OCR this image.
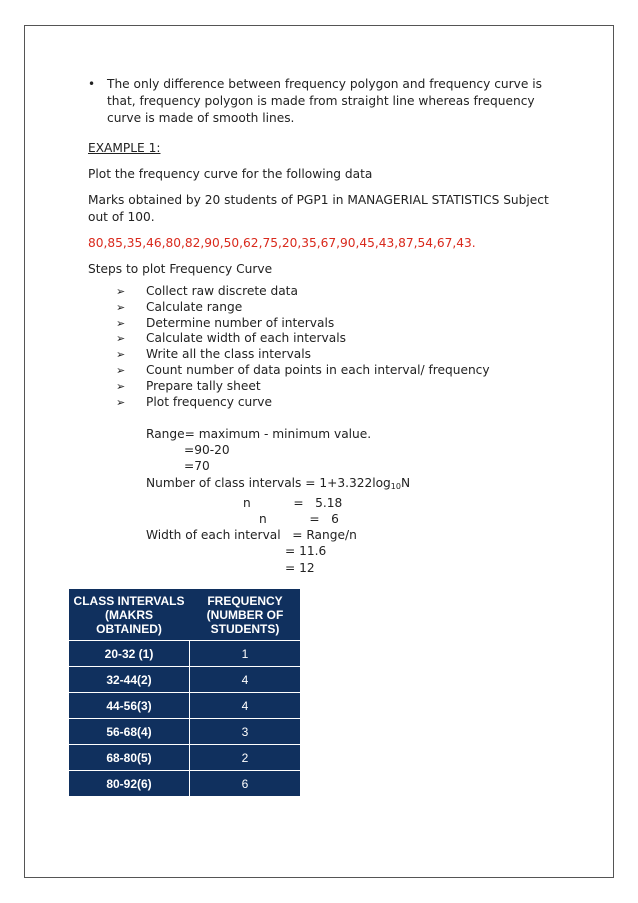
• The only difference between frequency polygon and frequency curve is that, frequency polygon is made from straight line whereas frequency curve is made of smooth lines.

EXAMPLE 1:

Plot the frequency curve for the following data

Marks obtained by 20 students of PGP1 in MANAGERIAL STATISTICS Subject out of 100.

80,85,35,46,80,82,90,50,62,75,20,35,67,90,45,43,87,54,67,43.

Steps to plot Frequency Curve

➢ Collect raw discrete data
➢ Calculate range
➢ Determine number of intervals
➢ Calculate width of each intervals
➢ Write all the class intervals
➢ Count number of data points in each interval/ frequency
➢ Prepare tally sheet
➢ Plot frequency curve
Range= maximum - minimum value.
=90-20
=70
Number of class intervals = $1+3.322\log_{10}N$
n           =   5.18
n           =   6
Width of each interval   = Range/n
= 11.6
= 12
CLASS INTERVALS (MAKRS OBTAINED)	FREQUENCY (NUMBER OF STUDENTS)
20-32 (1)	1
32-44(2)	4
44-56(3)	4
56-68(4)	3
68-80(5)	2
80-92(6)	6
